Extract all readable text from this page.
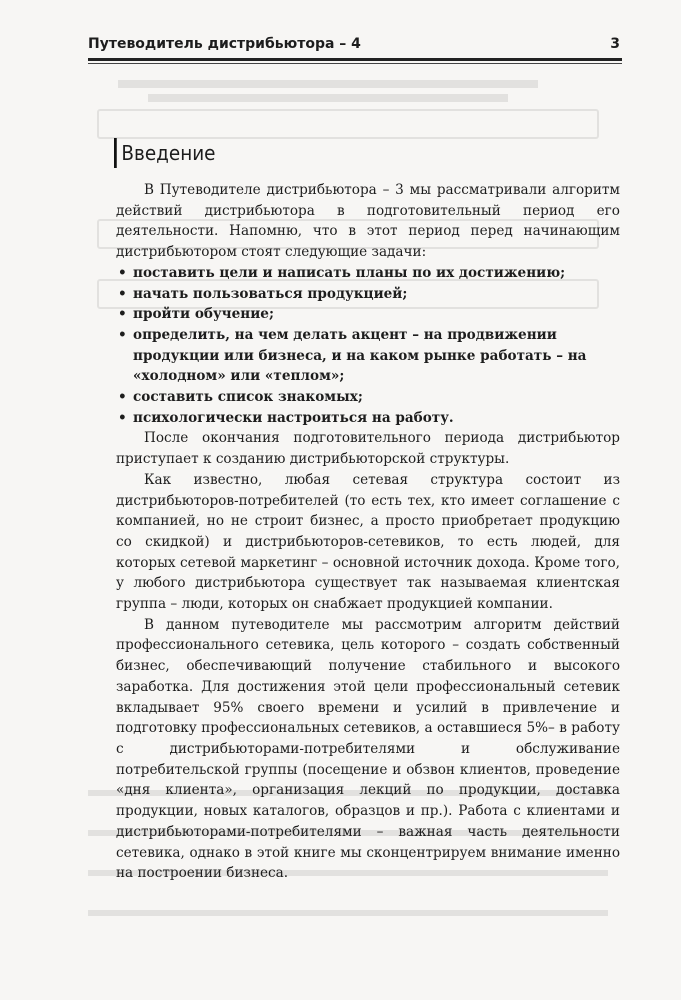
Путеводитель дистрибьютора – 4	3
Введение

В Путеводителе дистрибьютора – 3 мы рассматривали алгоритм действий дистрибьютора в подготовительный период его деятельности. Напомню, что в этот период перед начинающим дистрибьютором стоят следующие задачи:

• поставить цели и написать планы по их достижению;
• начать пользоваться продукцией;
• пройти обучение;
• определить, на чем делать акцент – на продвижении продукции или бизнеса, и на каком рынке работать – на «холодном» или «теплом»;
• составить список знакомых;
• психологически настроиться на работу.

После окончания подготовительного периода дистрибьютор приступает к созданию дистрибьюторской структуры.

Как известно, любая сетевая структура состоит из дистрибьюторов-потребителей (то есть тех, кто имеет соглашение с компанией, но не строит бизнес, а просто приобретает продукцию со скидкой) и дистрибьюторов-сетевиков, то есть людей, для которых сетевой маркетинг – основной источник дохода. Кроме того, у любого дистрибьютора существует так называемая клиентская группа – люди, которых он снабжает продукцией компании.

В данном путеводителе мы рассмотрим алгоритм действий профессионального сетевика, цель которого – создать собственный бизнес, обеспечивающий получение стабильного и высокого заработка. Для достижения этой цели профессиональный сетевик вкладывает 95% своего времени и усилий в привлечение и подготовку профессиональных сетевиков, а оставшиеся 5%– в работу с дистрибьюторами-потребителями и обслуживание потребительской группы (посещение и обзвон клиентов, проведение «дня клиента», организация лекций по продукции, доставка продукции, новых каталогов, образцов и пр.). Работа с клиентами и дистрибьюторами-потребителями – важная часть деятельности сетевика, однако в этой книге мы сконцентрируем внимание именно на построении бизнеса.
